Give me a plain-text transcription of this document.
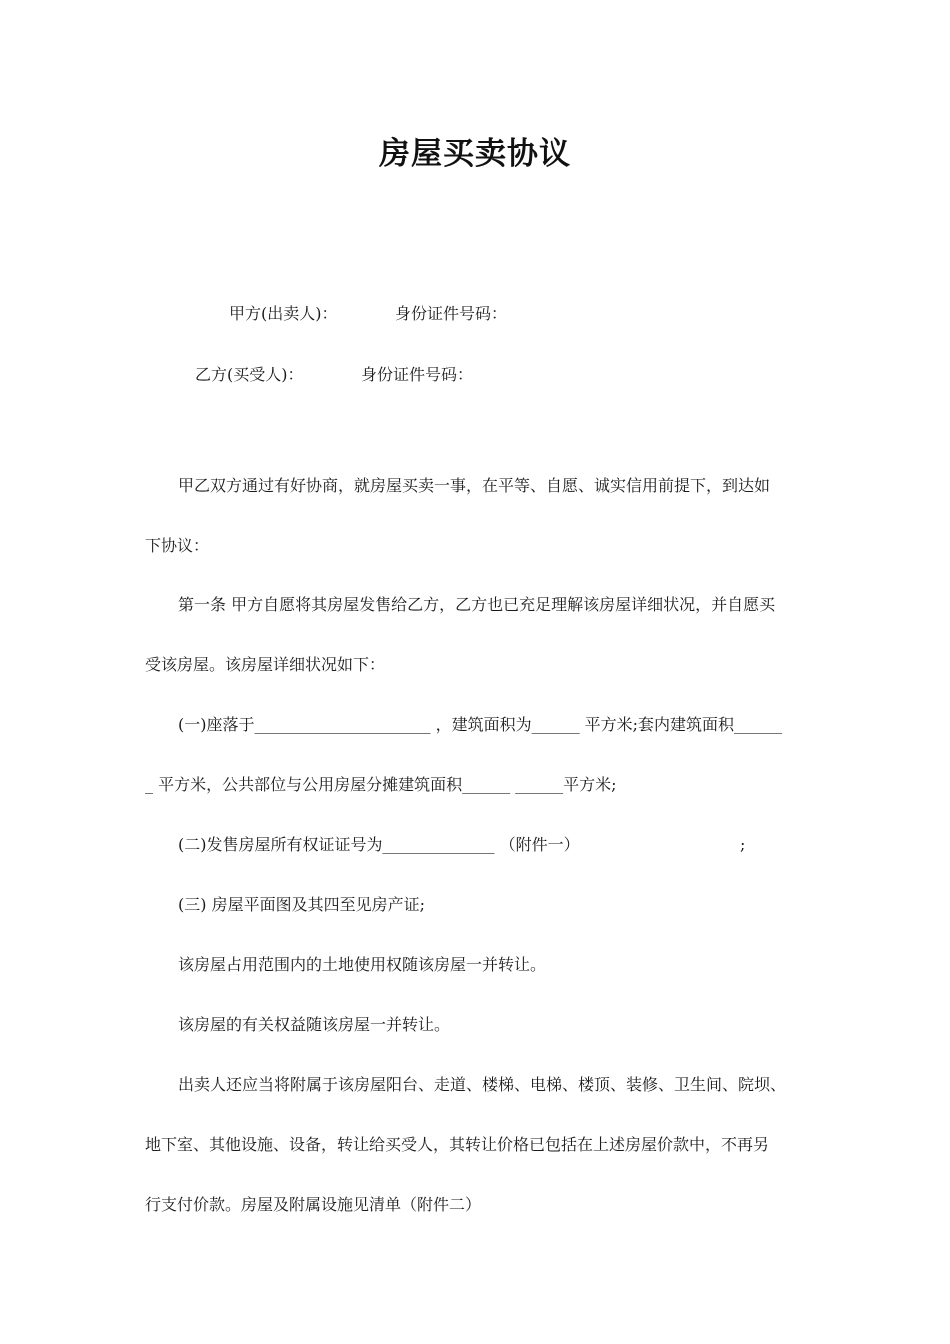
房屋买卖协议
甲方(出卖人)：	身份证件号码：
乙方(买受人)：	身份证件号码：
甲乙双方通过有好协商，就房屋买卖一事，在平等、自愿、诚实信用前提下，到达如
下协议：
第一条 甲方自愿将其房屋发售给乙方，乙方也已充足理解该房屋详细状况，并自愿买
受该房屋。该房屋详细状况如下：
(一)座落于______________________ ，建筑面积为______ 平方米;套内建筑面积______
_ 平方米，公共部位与公用房屋分摊建筑面积______ ______平方米;
(二)发售房屋所有权证证号为______________ （附件一）	;
(三) 房屋平面图及其四至见房产证;
该房屋占用范围内的土地使用权随该房屋一并转让。
该房屋的有关权益随该房屋一并转让。
出卖人还应当将附属于该房屋阳台、走道、楼梯、电梯、楼顶、装修、卫生间、院坝、
地下室、其他设施、设备，转让给买受人，其转让价格已包括在上述房屋价款中，不再另
行支付价款。房屋及附属设施见清单（附件二）
